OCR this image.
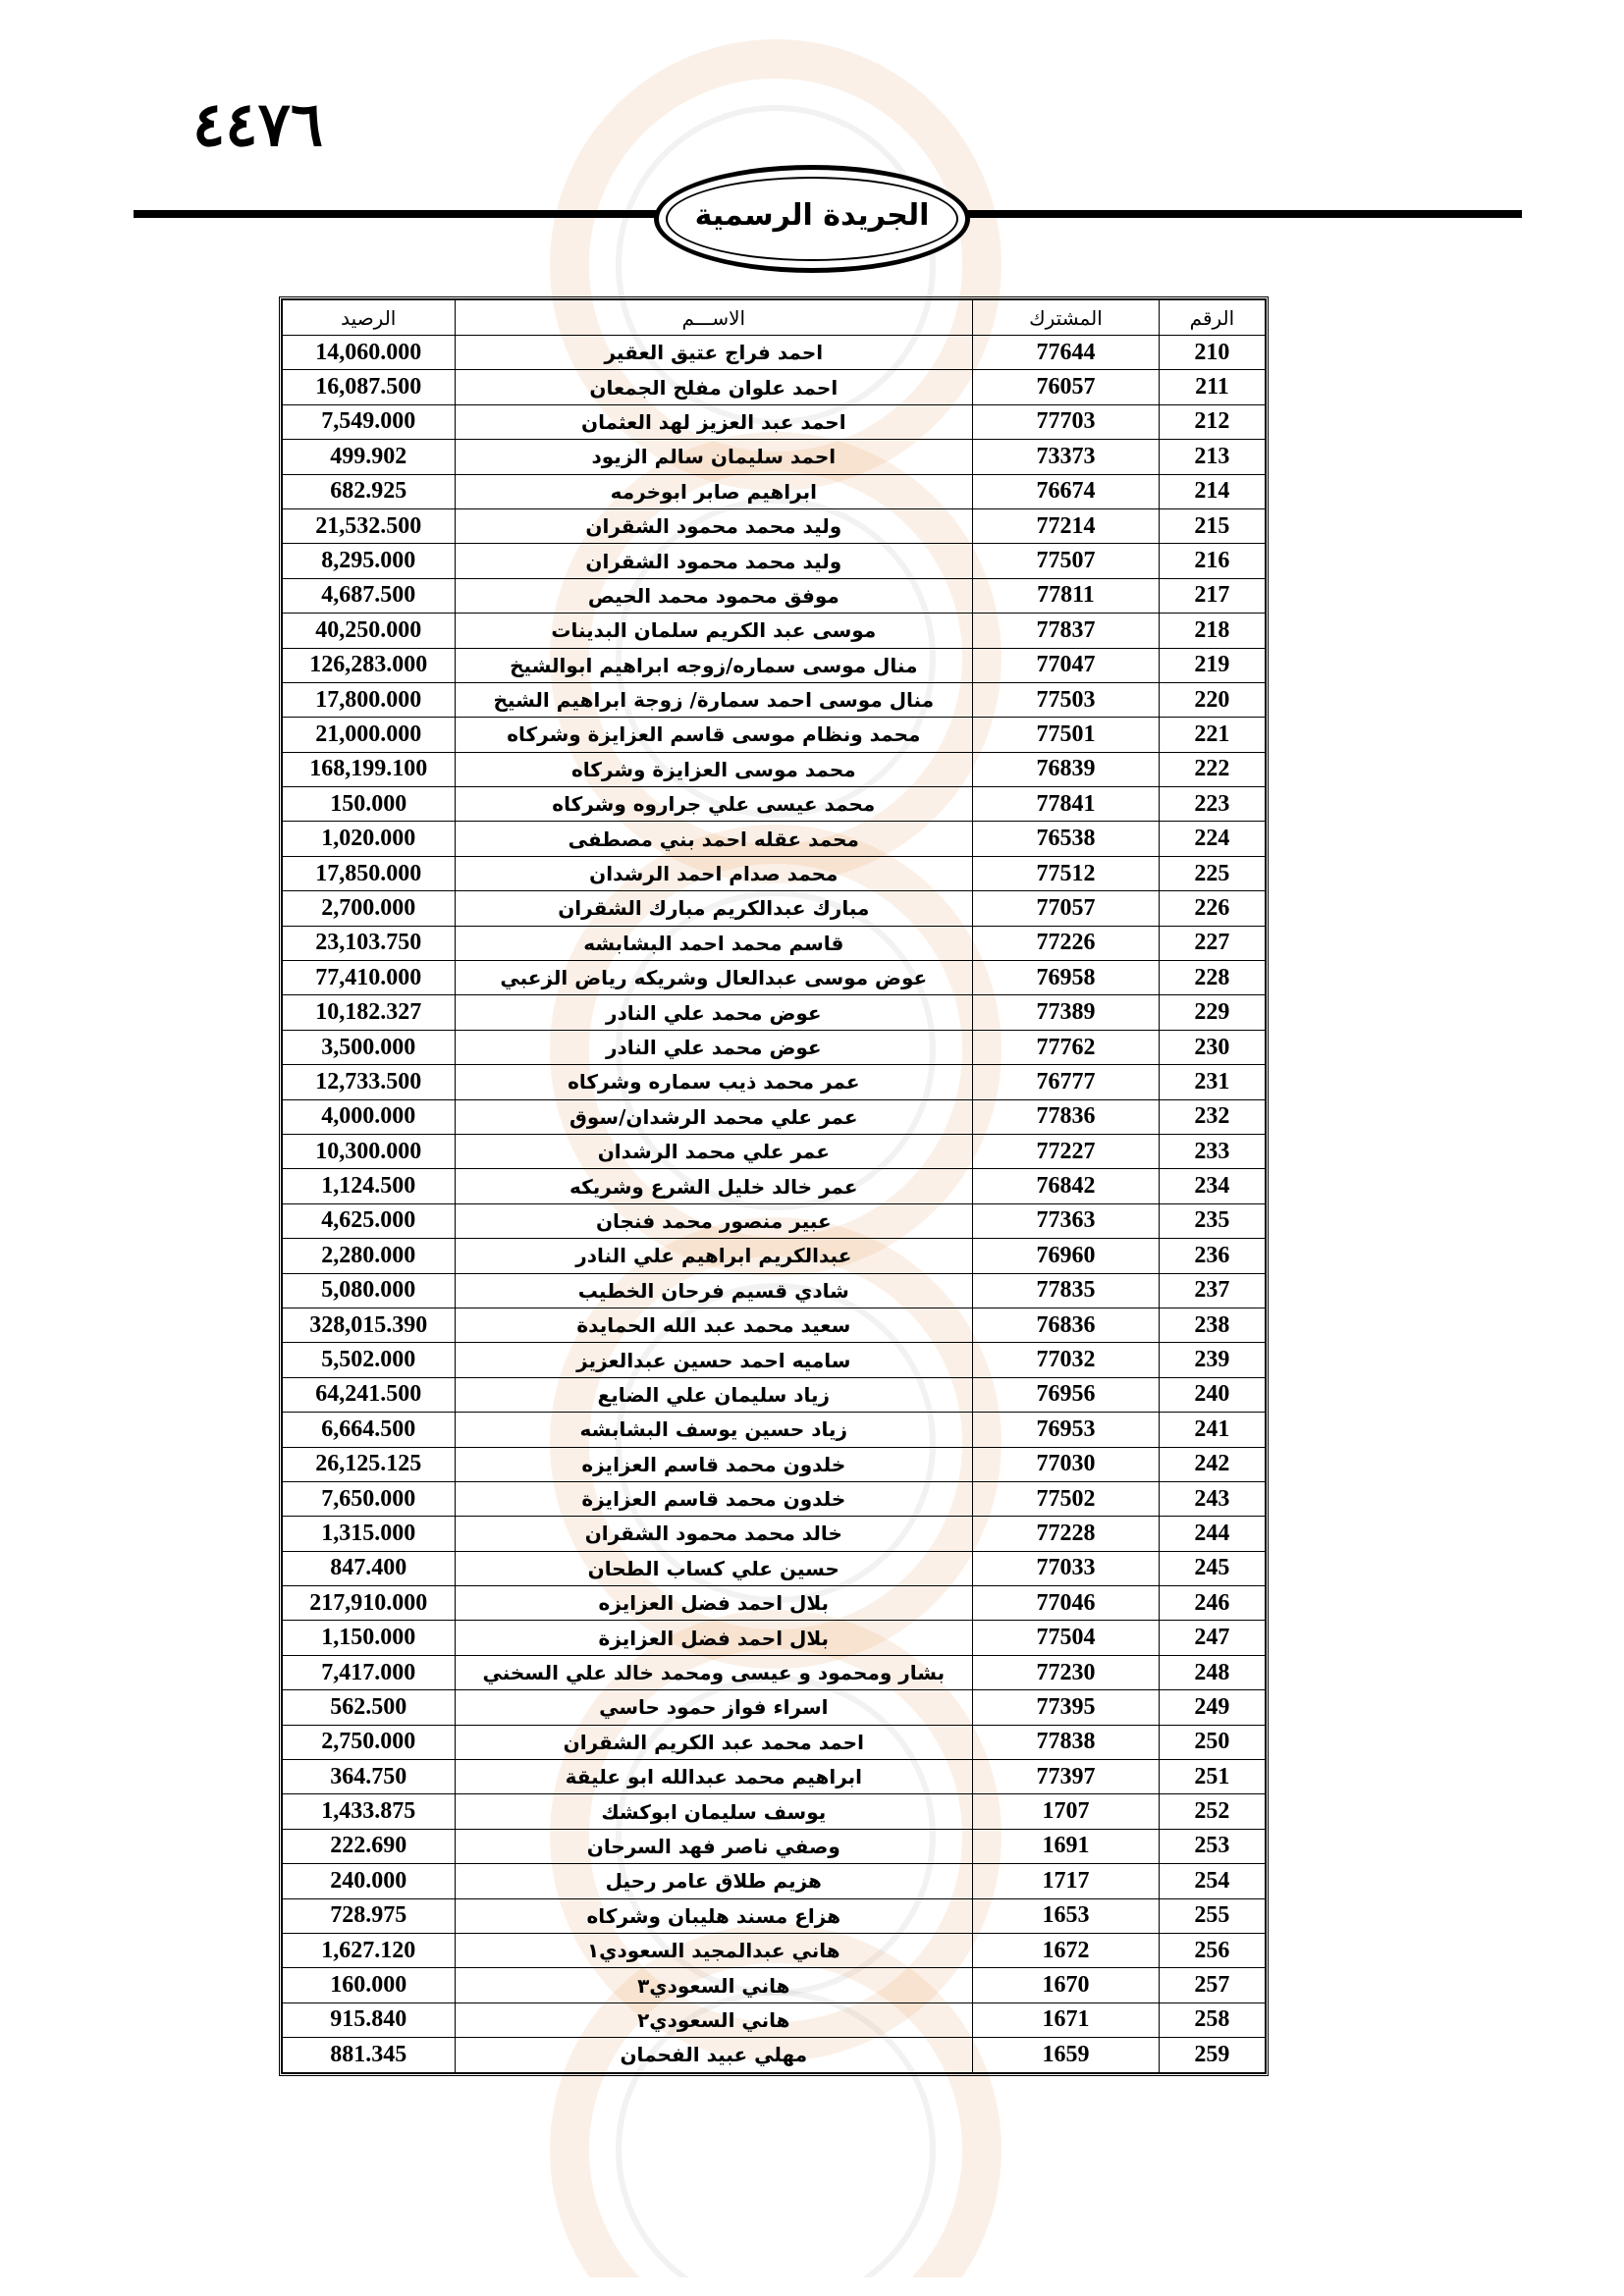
٤٤٧٦
الجريدة الرسمية
الرقم	المشترك	الاســـم	الرصيد
210	77644	احمد فراج عتيق العقير	14,060.000
211	76057	احمد علوان مفلح الجمعان	16,087.500
212	77703	احمد عبد العزيز لهد العثمان	7,549.000
213	73373	احمد سليمان سالم الزيود	499.902
214	76674	ابراهيم صابر ابوخرمه	682.925
215	77214	وليد محمد محمود الشقران	21,532.500
216	77507	وليد محمد محمود الشقران	8,295.000
217	77811	موفق محمود محمد الحيص	4,687.500
218	77837	موسى عبد الكريم سلمان البدينات	40,250.000
219	77047	منال موسى سماره/زوجه ابراهيم ابوالشيخ	126,283.000
220	77503	منال موسى احمد سمارة/ زوجة ابراهيم الشيخ	17,800.000
221	77501	محمد ونظام موسى قاسم العزايزة وشركاه	21,000.000
222	76839	محمد موسى العزايزة وشركاه	168,199.100
223	77841	محمد عيسى علي جراروه وشركاه	150.000
224	76538	محمد عقله احمد بني مصطفى	1,020.000
225	77512	محمد صدام احمد الرشدان	17,850.000
226	77057	مبارك عبدالكريم مبارك الشقران	2,700.000
227	77226	قاسم محمد احمد البشابشه	23,103.750
228	76958	عوض موسى عبدالعال وشريكه رياض الزعبي	77,410.000
229	77389	عوض محمد علي النادر	10,182.327
230	77762	عوض محمد علي النادر	3,500.000
231	76777	عمر محمد ذيب سماره وشركاه	12,733.500
232	77836	عمر علي محمد الرشدان/سوق	4,000.000
233	77227	عمر علي محمد الرشدان	10,300.000
234	76842	عمر خالد خليل الشرع وشريكه	1,124.500
235	77363	عبير منصور محمد فنجان	4,625.000
236	76960	عبدالكريم ابراهيم علي النادر	2,280.000
237	77835	شادي قسيم فرحان الخطيب	5,080.000
238	76836	سعيد محمد عبد الله الحمايدة	328,015.390
239	77032	ساميه احمد حسين عبدالعزيز	5,502.000
240	76956	زياد سليمان علي الضايع	64,241.500
241	76953	زياد حسين يوسف البشابشه	6,664.500
242	77030	خلدون محمد قاسم العزايزه	26,125.125
243	77502	خلدون محمد قاسم العزايزة	7,650.000
244	77228	خالد محمد محمود الشقران	1,315.000
245	77033	حسين علي كساب الطحان	847.400
246	77046	بلال احمد فضل العزايزه	217,910.000
247	77504	بلال احمد فضل العزايزة	1,150.000
248	77230	بشار ومحمود و عيسى ومحمد خالد علي السخني	7,417.000
249	77395	اسراء فواز حمود حاسي	562.500
250	77838	احمد محمد عبد الكريم الشقران	2,750.000
251	77397	ابراهيم محمد عبدالله ابو عليقة	364.750
252	1707	يوسف سليمان ابوكشك	1,433.875
253	1691	وصفي ناصر فهد السرحان	222.690
254	1717	هزيم طلاق عامر رحيل	240.000
255	1653	هزاع مسند هليبان وشركاه	728.975
256	1672	هاني عبدالمجيد السعودي١	1,627.120
257	1670	هاني السعودي٣	160.000
258	1671	هاني السعودي٢	915.840
259	1659	مهلي عبيد الفحمان	881.345
